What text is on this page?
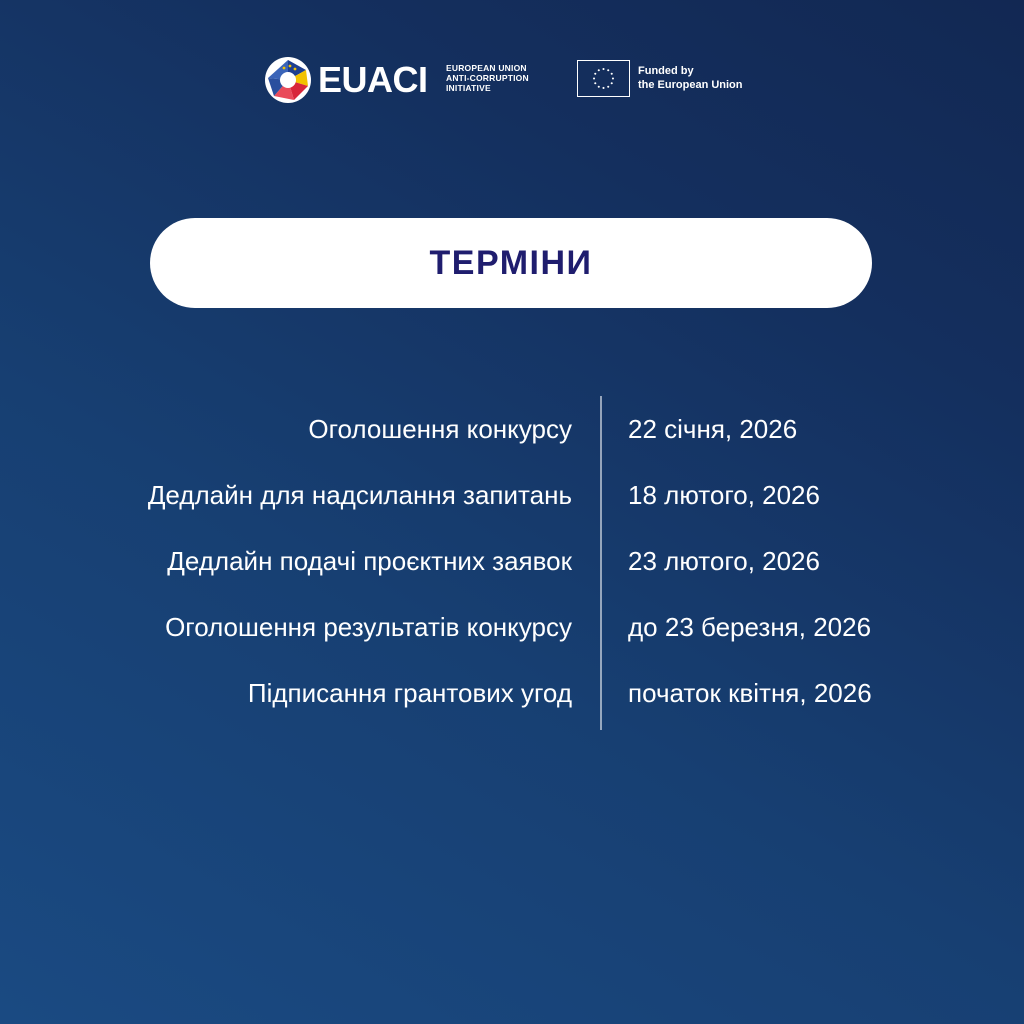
EUACI EUROPEAN UNION
ANTI-CORRUPTION
INITIATIVE
Funded by
the European Union
ТЕРМІНИ
Оголошення конкурсу 22 січня, 2026
Дедлайн для надсилання запитань 18 лютого, 2026
Дедлайн подачі проєктних заявок 23 лютого, 2026
Оголошення результатів конкурсу до 23 березня, 2026
Підписання грантових угод початок квітня, 2026
